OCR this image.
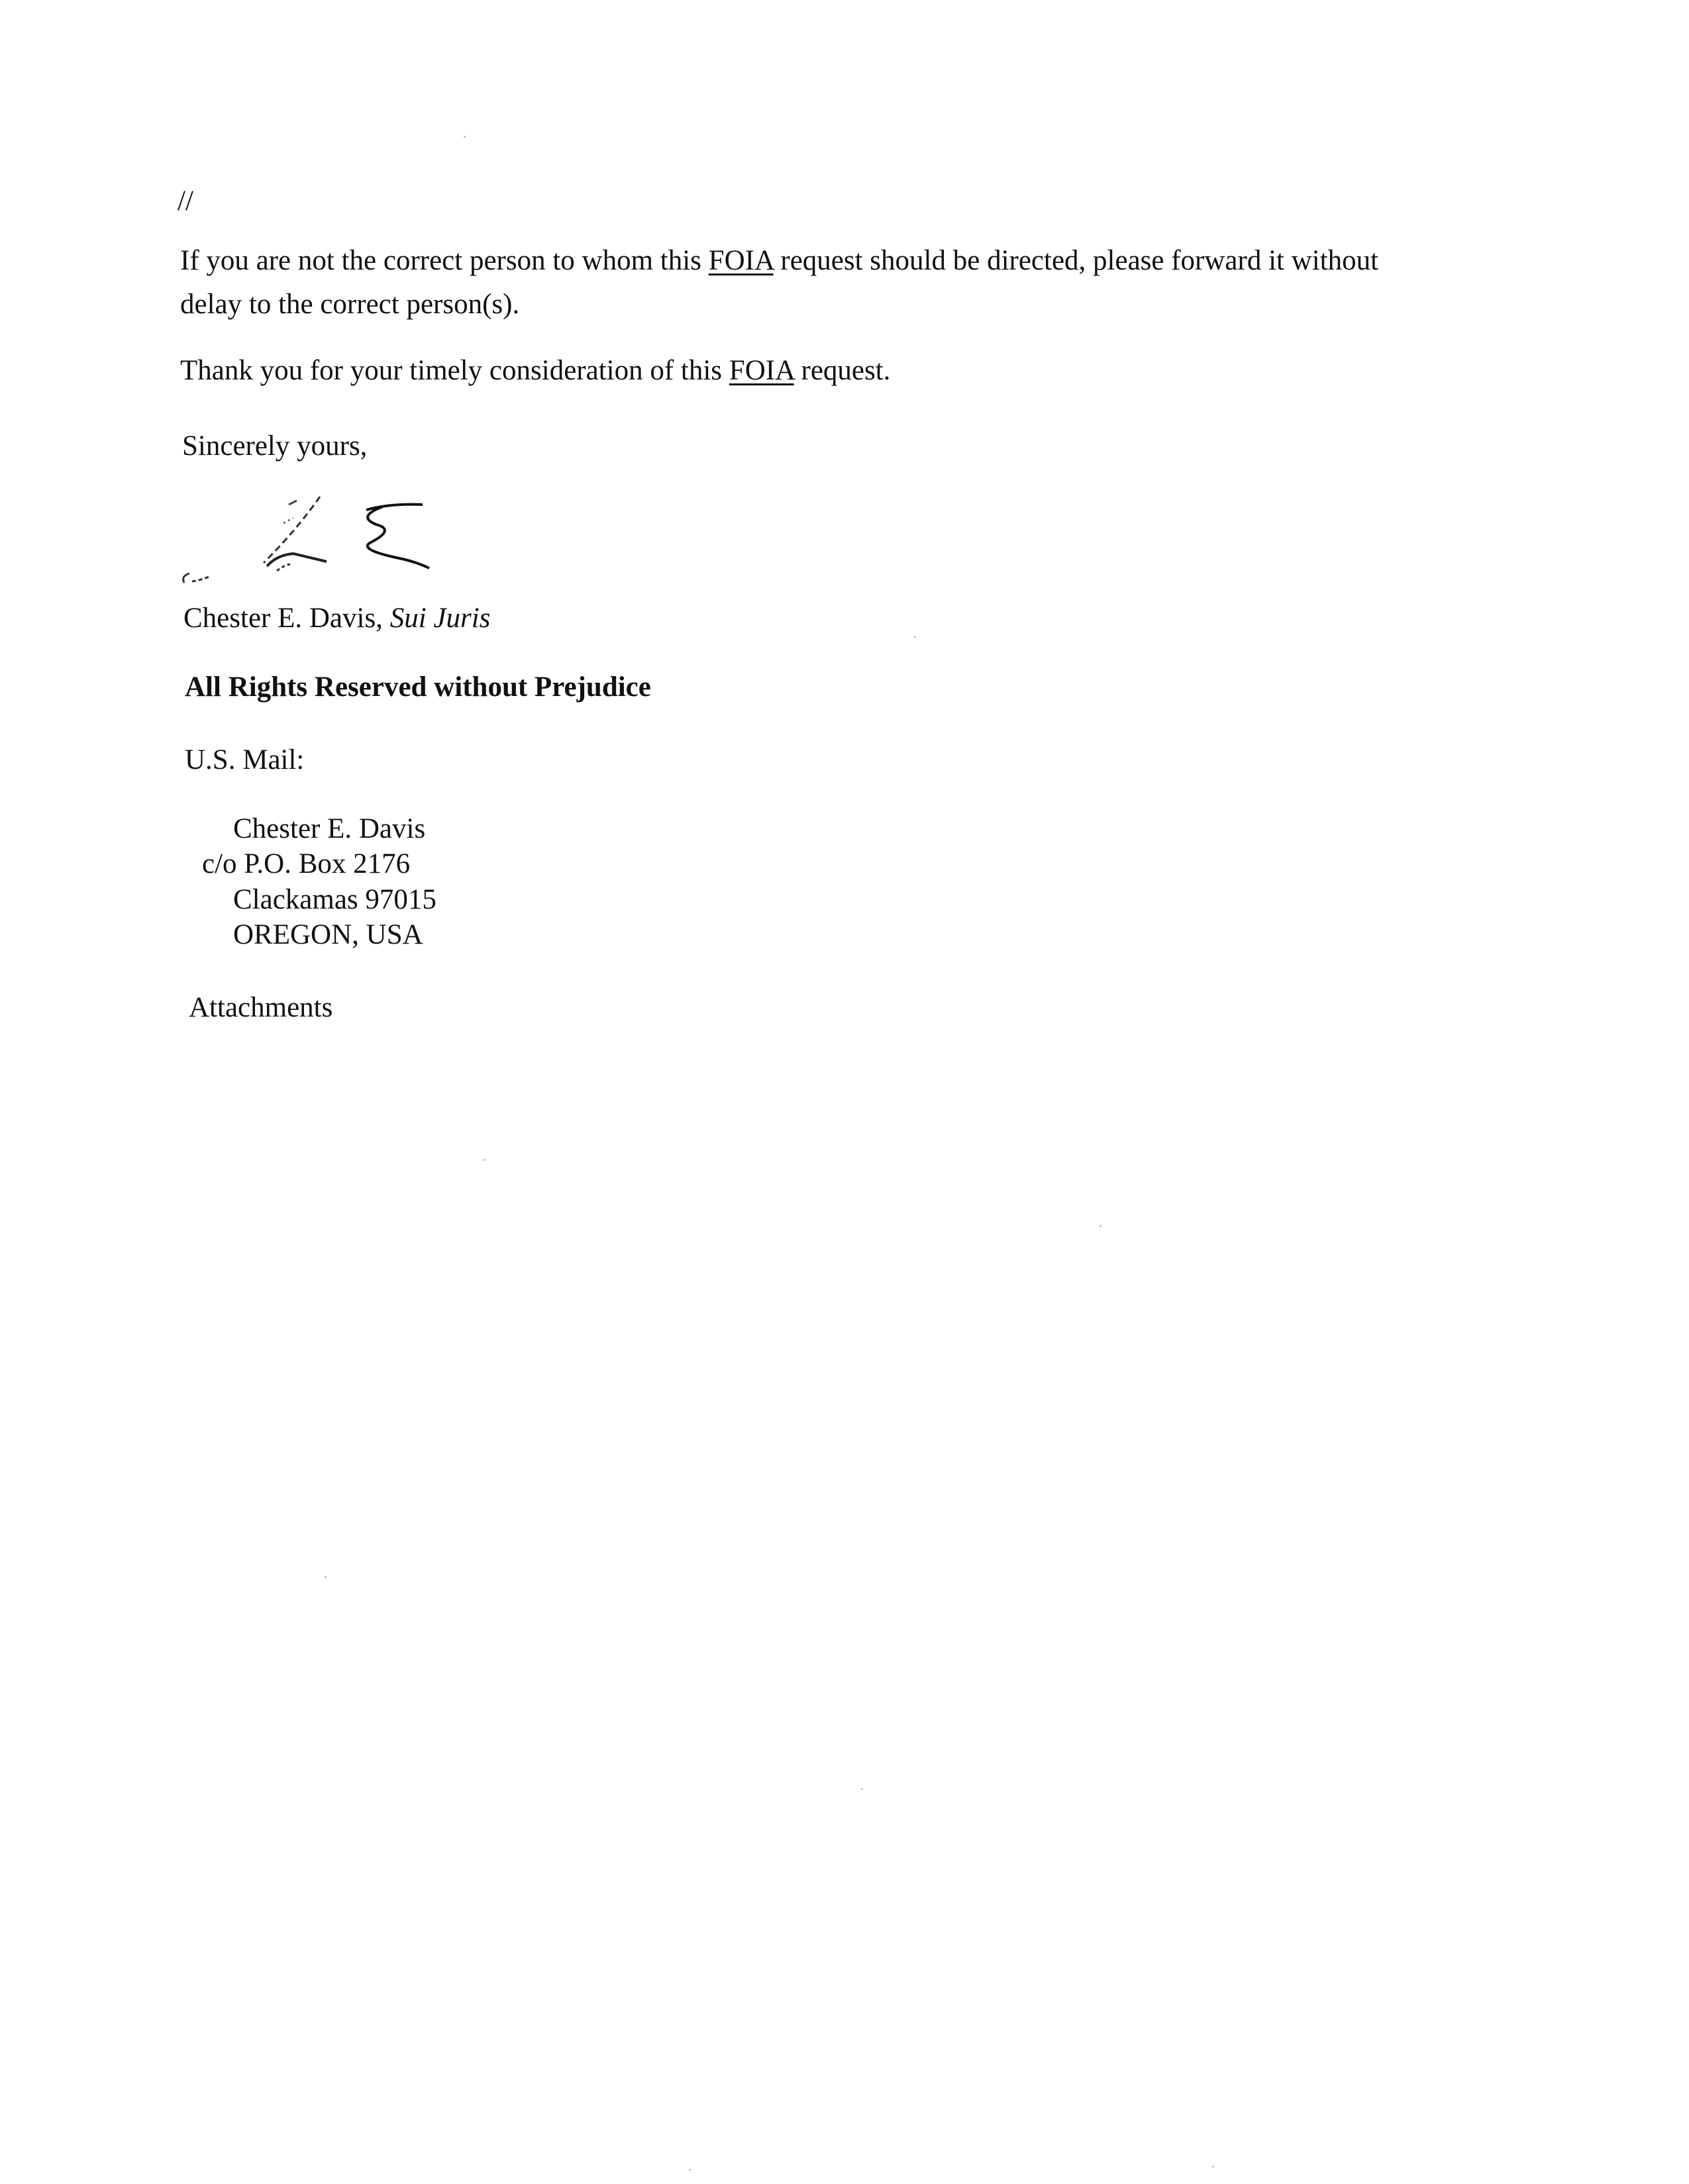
//

If you are not the correct person to whom this FOIA request should be directed, please forward it without

delay to the correct person(s).

Thank you for your timely consideration of this FOIA request.

Sincerely yours,

Chester E. Davis, Sui Juris

All Rights Reserved without Prejudice

U.S. Mail:

Chester E. Davis

c/o P.O. Box 2176

Clackamas 97015

OREGON, USA

Attachments
